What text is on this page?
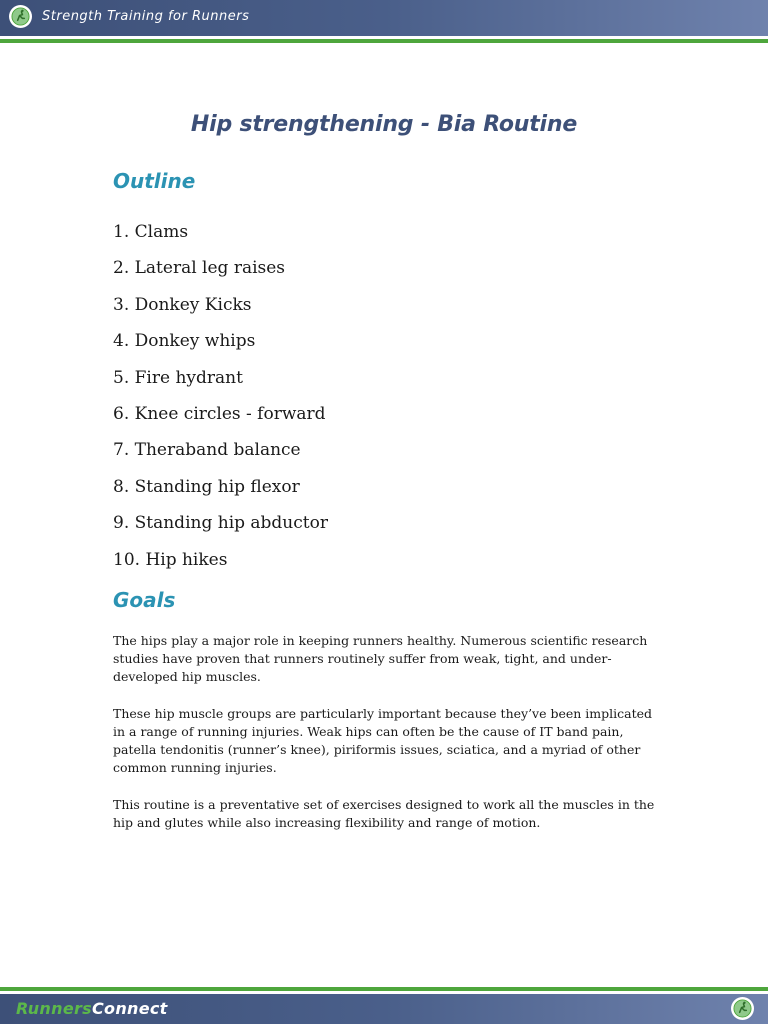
Strength Training for Runners
Hip strengthening - Bia Routine
Outline
1. Clams
2. Lateral leg raises
3. Donkey Kicks
4. Donkey whips
5. Fire hydrant
6. Knee circles - forward
7. Theraband balance
8. Standing hip flexor
9. Standing hip abductor
10. Hip hikes
Goals

The hips play a major role in keeping runners healthy. Numerous scientific research studies have proven that runners routinely suffer from weak, tight, and under-developed hip muscles.

These hip muscle groups are particularly important because they’ve been implicated in a range of running injuries. Weak hips can often be the cause of IT band pain, patella tendonitis (runner’s knee), piriformis issues, sciatica, and a myriad of other common running injuries.

This routine is a preventative set of exercises designed to work all the muscles in the hip and glutes while also increasing flexibility and range of motion.

RunnersConnect
